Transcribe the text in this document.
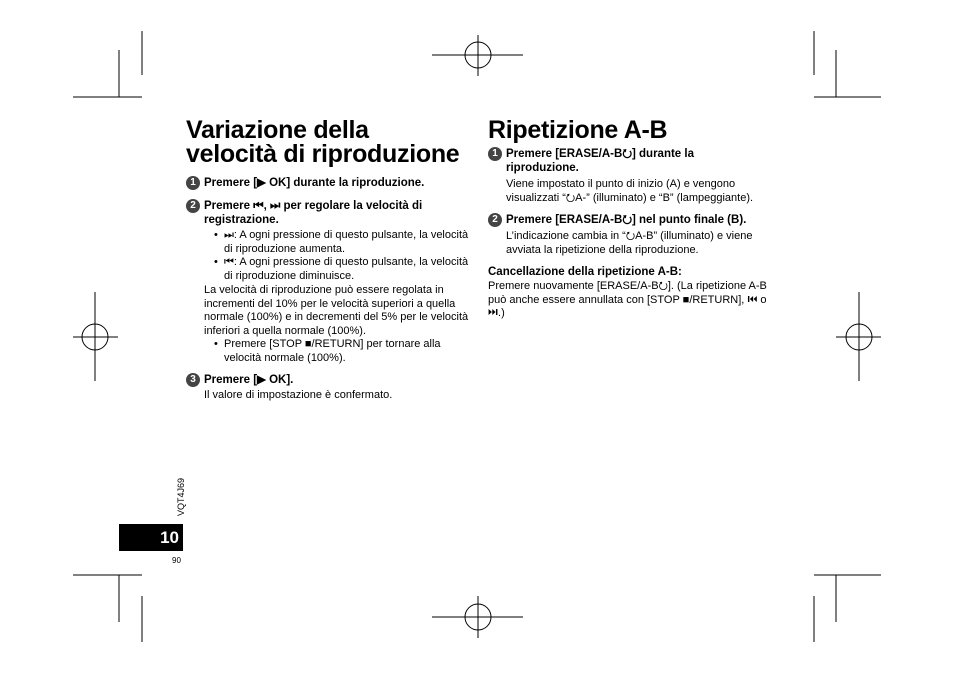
Variazione della
velocità di riproduzione
1 Premere [▶ OK] durante la riproduzione.
2 Premere ⏮, ⏭ per regolare la velocità di registrazione.
• ⏭: A ogni pressione di questo pulsante, la velocità di riproduzione aumenta.
• ⏮: A ogni pressione di questo pulsante, la velocità di riproduzione diminuisce.
La velocità di riproduzione può essere regolata in incrementi del 10% per le velocità superiori a quella normale (100%) e in decrementi del 5% per le velocità inferiori a quella normale (100%).
• Premere [STOP ■/RETURN] per tornare alla velocità normale (100%).
3 Premere [▶ OK].
Il valore di impostazione è confermato.
Ripetizione A-B
1 Premere [ERASE/A-B⭮] durante la riproduzione.
Viene impostato il punto di inizio (A) e vengono visualizzati “⭮A-” (illuminato) e “B” (lampeggiante).
2 Premere [ERASE/A-B⭮] nel punto finale (B).
L’indicazione cambia in “⭮A-B” (illuminato) e viene avviata la ripetizione della riproduzione.
Cancellazione della ripetizione A-B:
Premere nuovamente [ERASE/A-B⭮]. (La ripetizione A-B può anche essere annullata con [STOP ■/RETURN], ⏮ o ⏭.)
VQT4J69
10
90
